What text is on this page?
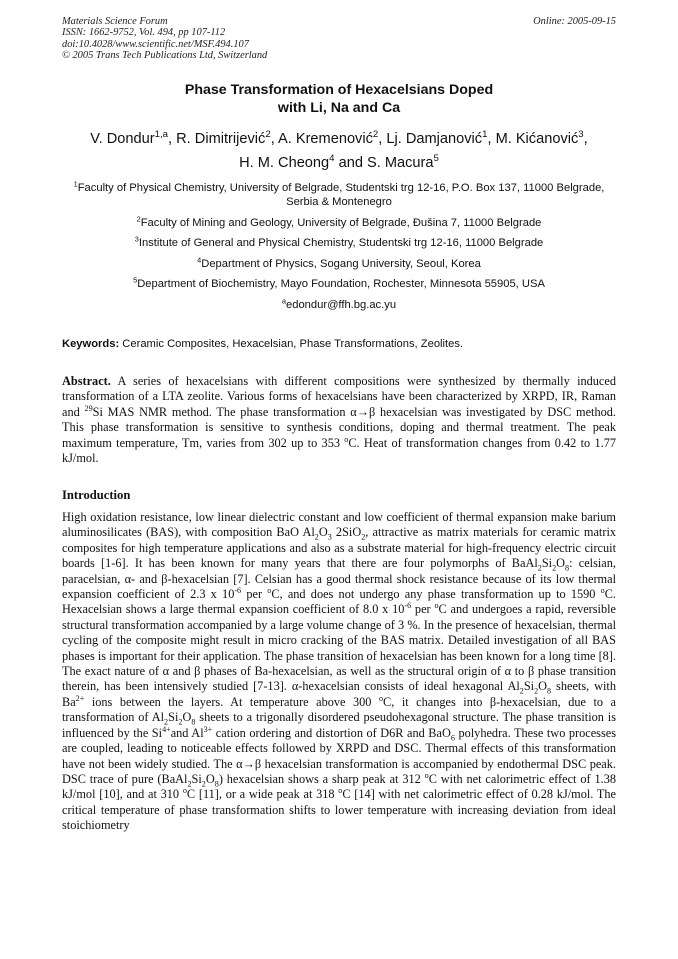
Materials Science Forum
ISSN: 1662-9752, Vol. 494, pp 107-112
doi:10.4028/www.scientific.net/MSF.494.107
© 2005 Trans Tech Publications Ltd, Switzerland
Online: 2005-09-15
Phase Transformation of Hexacelsians Doped
with Li, Na and Ca
V. Dondur$^{1,a}$, R. Dimitrijević$^2$, A. Kremenović$^2$, Lj. Damjanović$^1$, M. Kićanović$^3$,
H. M. Cheong$^4$ and S. Macura$^5$

$^1$Faculty of Physical Chemistry, University of Belgrade, Studentski trg 12-16, P.O. Box 137, 11000 Belgrade, Serbia & Montenegro

$^2$Faculty of Mining and Geology, University of Belgrade, Đušina 7, 11000 Belgrade

$^3$Institute of General and Physical Chemistry, Studentski trg 12-16, 11000 Belgrade

$^4$Department of Physics, Sogang University, Seoul, Korea

$^5$Department of Biochemistry, Mayo Foundation, Rochester, Minnesota 55905, USA

$^a$edondur@ffh.bg.ac.yu

Keywords: Ceramic Composites, Hexacelsian, Phase Transformations, Zeolites.
Abstract. A series of hexacelsians with different compositions were synthesized by thermally induced transformation of a LTA zeolite. Various forms of hexacelsians have been characterized by XRPD, IR, Raman and $^{29}$Si MAS NMR method. The phase transformation α→β hexacelsian was investigated by DSC method. This phase transformation is sensitive to synthesis conditions, doping and thermal treatment. The peak maximum temperature, Tm, varies from 302 up to 353 $^o$C. Heat of transformation changes from 0.42 to 1.77 kJ/mol.
Introduction

High oxidation resistance, low linear dielectric constant and low coefficient of thermal expansion make barium aluminosilicates (BAS), with composition BaO $Al_2O_3$ 2SiO$_2$, attractive as matrix materials for ceramic matrix composites for high temperature applications and also as a substrate material for high-frequency electric circuit boards [1-6]. It has been known for many years that there are four polymorphs of $BaAl_2Si_2O_8$: celsian, paracelsian, α- and β-hexacelsian [7]. Celsian has a good thermal shock resistance because of its low thermal expansion coefficient of 2.3 x $10^{-6}$ per $^o$C, and does not undergo any phase transformation up to 1590 $^o$C. Hexacelsian shows a large thermal expansion coefficient of 8.0 x $10^{-6}$ per $^o$C and undergoes a rapid, reversible structural transformation accompanied by a large volume change of 3 %. In the presence of hexacelsian, thermal cycling of the composite might result in micro cracking of the BAS matrix. Detailed investigation of all BAS phases is important for their application. The phase transition of hexacelsian has been known for a long time [8]. The exact nature of α and β phases of Ba-hexacelsian, as well as the structural origin of α to β phase transition therein, has been intensively studied [7-13]. α-hexacelsian consists of ideal hexagonal $Al_2Si_2O_8$ sheets, with $Ba^{2+}$ ions between the layers. At temperature above 300 $^o$C, it changes into β-hexacelsian, due to a transformation of $Al_2Si_2O_8$ sheets to a trigonally disordered pseudohexagonal structure. The phase transition is influenced by the $Si^{4+}and$ $Al^{3+}$ cation ordering and distortion of D6R and BaO$_6$ polyhedra. These two processes are coupled, leading to noticeable effects followed by XRPD and DSC. Thermal effects of this transformation have not been widely studied. The α→β hexacelsian transformation is accompanied by endothermal DSC peak. DSC trace of pure $(BaAl_2Si_2O_8)$ hexacelsian shows a sharp peak at 312 $^o$C with net calorimetric effect of 1.38 kJ/mol [10], and at 310 $^o$C [11], or a wide peak at 318 $^o$C [14] with net calorimetric effect of 0.28 kJ/mol. The critical temperature of phase transformation shifts to lower temperature with increasing deviation from ideal stoichiometry
